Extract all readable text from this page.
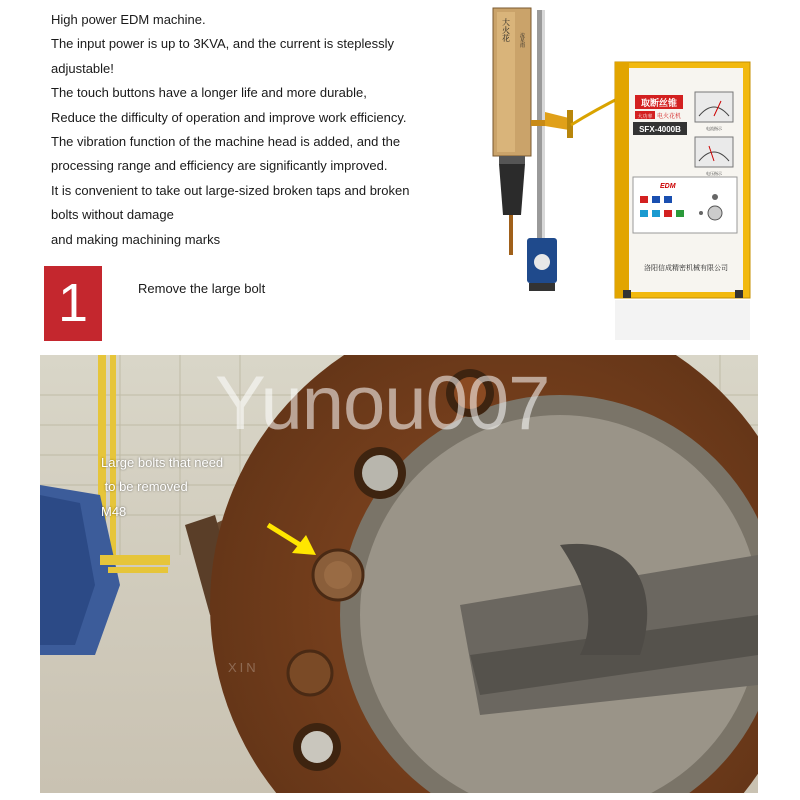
High power EDM machine.
The input power is up to 3KVA, and the current is steplessly
adjustable!
The touch buttons have a longer life and more durable,
Reduce the difficulty of operation and improve work efficiency.
The vibration function of the machine head is added, and the
processing range and efficiency are significantly improved.
It is convenient to take out large-sized broken taps and broken
bolts without damage
and making machining marks
1	Remove the large bolt
大火花 流星雨
取断丝锥
大功率 电火花机
SFX-4000B	电流指示
电压指示
EDM
洛阳信成精密机械有限公司
Large bolts that need
to be removed
M48
Yunou007
XIN
